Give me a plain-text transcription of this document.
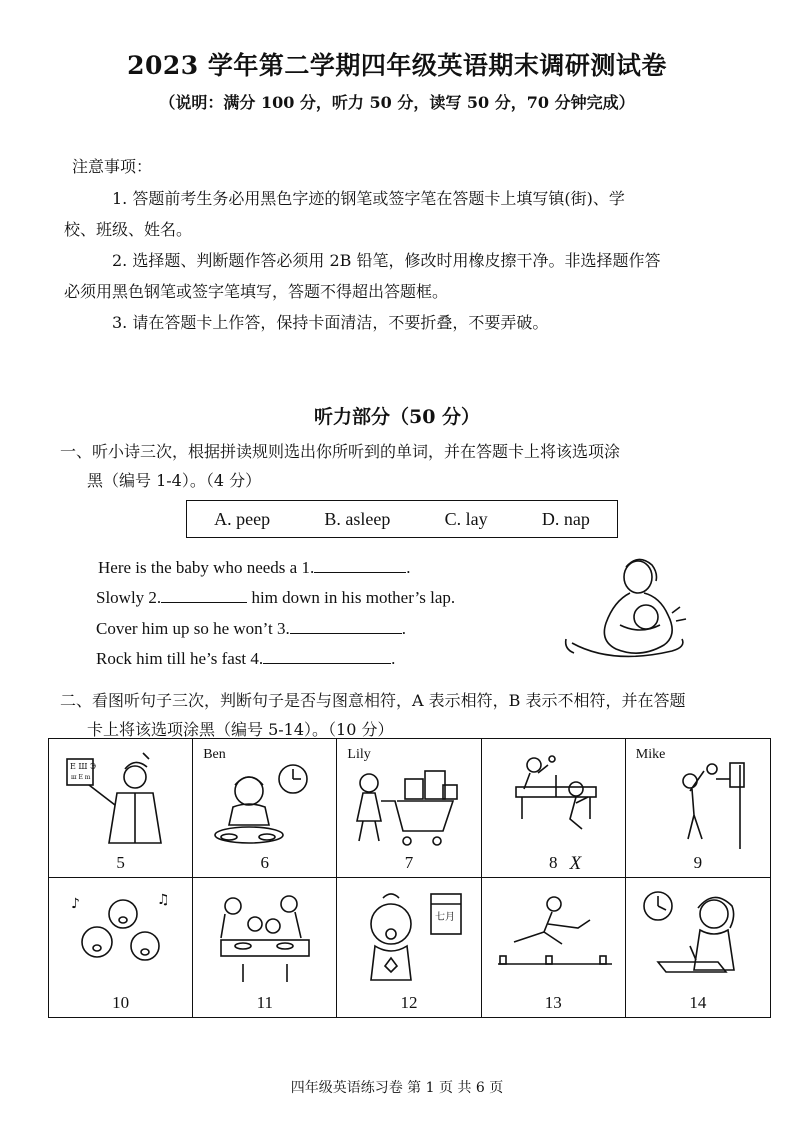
2023 学年第二学期四年级英语期末调研测试卷
（说明：满分 100 分，听力 50 分，读写 50 分，70 分钟完成）
注意事项：
1. 答题前考生务必用黑色字迹的钢笔或签字笔在答题卡上填写镇(街)、学
校、班级、姓名。
2. 选择题、判断题作答必须用 2B 铅笔，修改时用橡皮擦干净。非选择题作答
必须用黑色钢笔或签字笔填写，答题不得超出答题框。
3. 请在答题卡上作答，保持卡面清洁，不要折叠，不要弄破。
听力部分（50 分）
一、听小诗三次，根据拼读规则选出你所听到的单词，并在答题卡上将该选项涂
黑（编号 1-4）。（4 分）
A. peep	B. asleep	C. lay	D. nap
Here is the baby who needs a 1.	.
Slowly 2.	him down in his mother’s lap.
Cover him up so he won’t 3.	.
Rock him till he’s fast 4.	.
二、看图听句子三次，判断句子是否与图意相符，A 表示相符，B 表示不相符，并在答题
卡上将该选项涂黑（编号 5-14）。（10 分）
E Ш Э
ш Е m
5
Ben
6
Lily
7	8 X
Mike
9
♪	♫
10	11
七月
12	13	14
四年级英语练习卷 第 1 页 共 6 页
